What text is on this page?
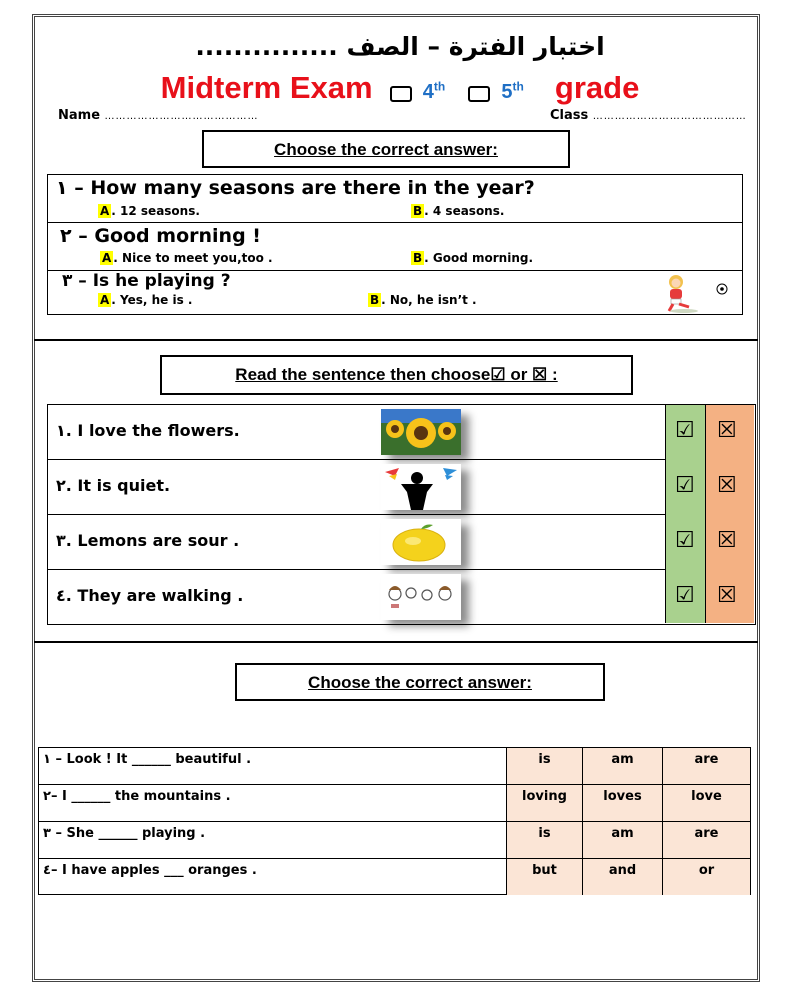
اختبار الفترة – الصف ...............
Midterm Exam	4th	5th grade
Name ……………………………………	Class ……………………………………
Choose the correct answer:
١ – How many seasons are there in the year?
A . 12 seasons.	B . 4 seasons.
٢ – Good morning !
A . Nice to meet you,too .	B . Good morning.
٣ – Is he playing ?
A . Yes, he is .	B . No, he isn’t .
Read the sentence then choose☑ or ☒ :
١. I love the flowers.	☑ ☒
٢. It is quiet.	☑ ☒
٣. Lemons are sour .	☑ ☒
٤. They are walking .	☑ ☒
Choose the correct answer:
١ – Look ! It ______ beautiful .	is	am	are
٢– I ______ the mountains .	loving	loves	love
٣ – She ______ playing .	is	am	are
٤– I have apples ___ oranges .	but	and	or
